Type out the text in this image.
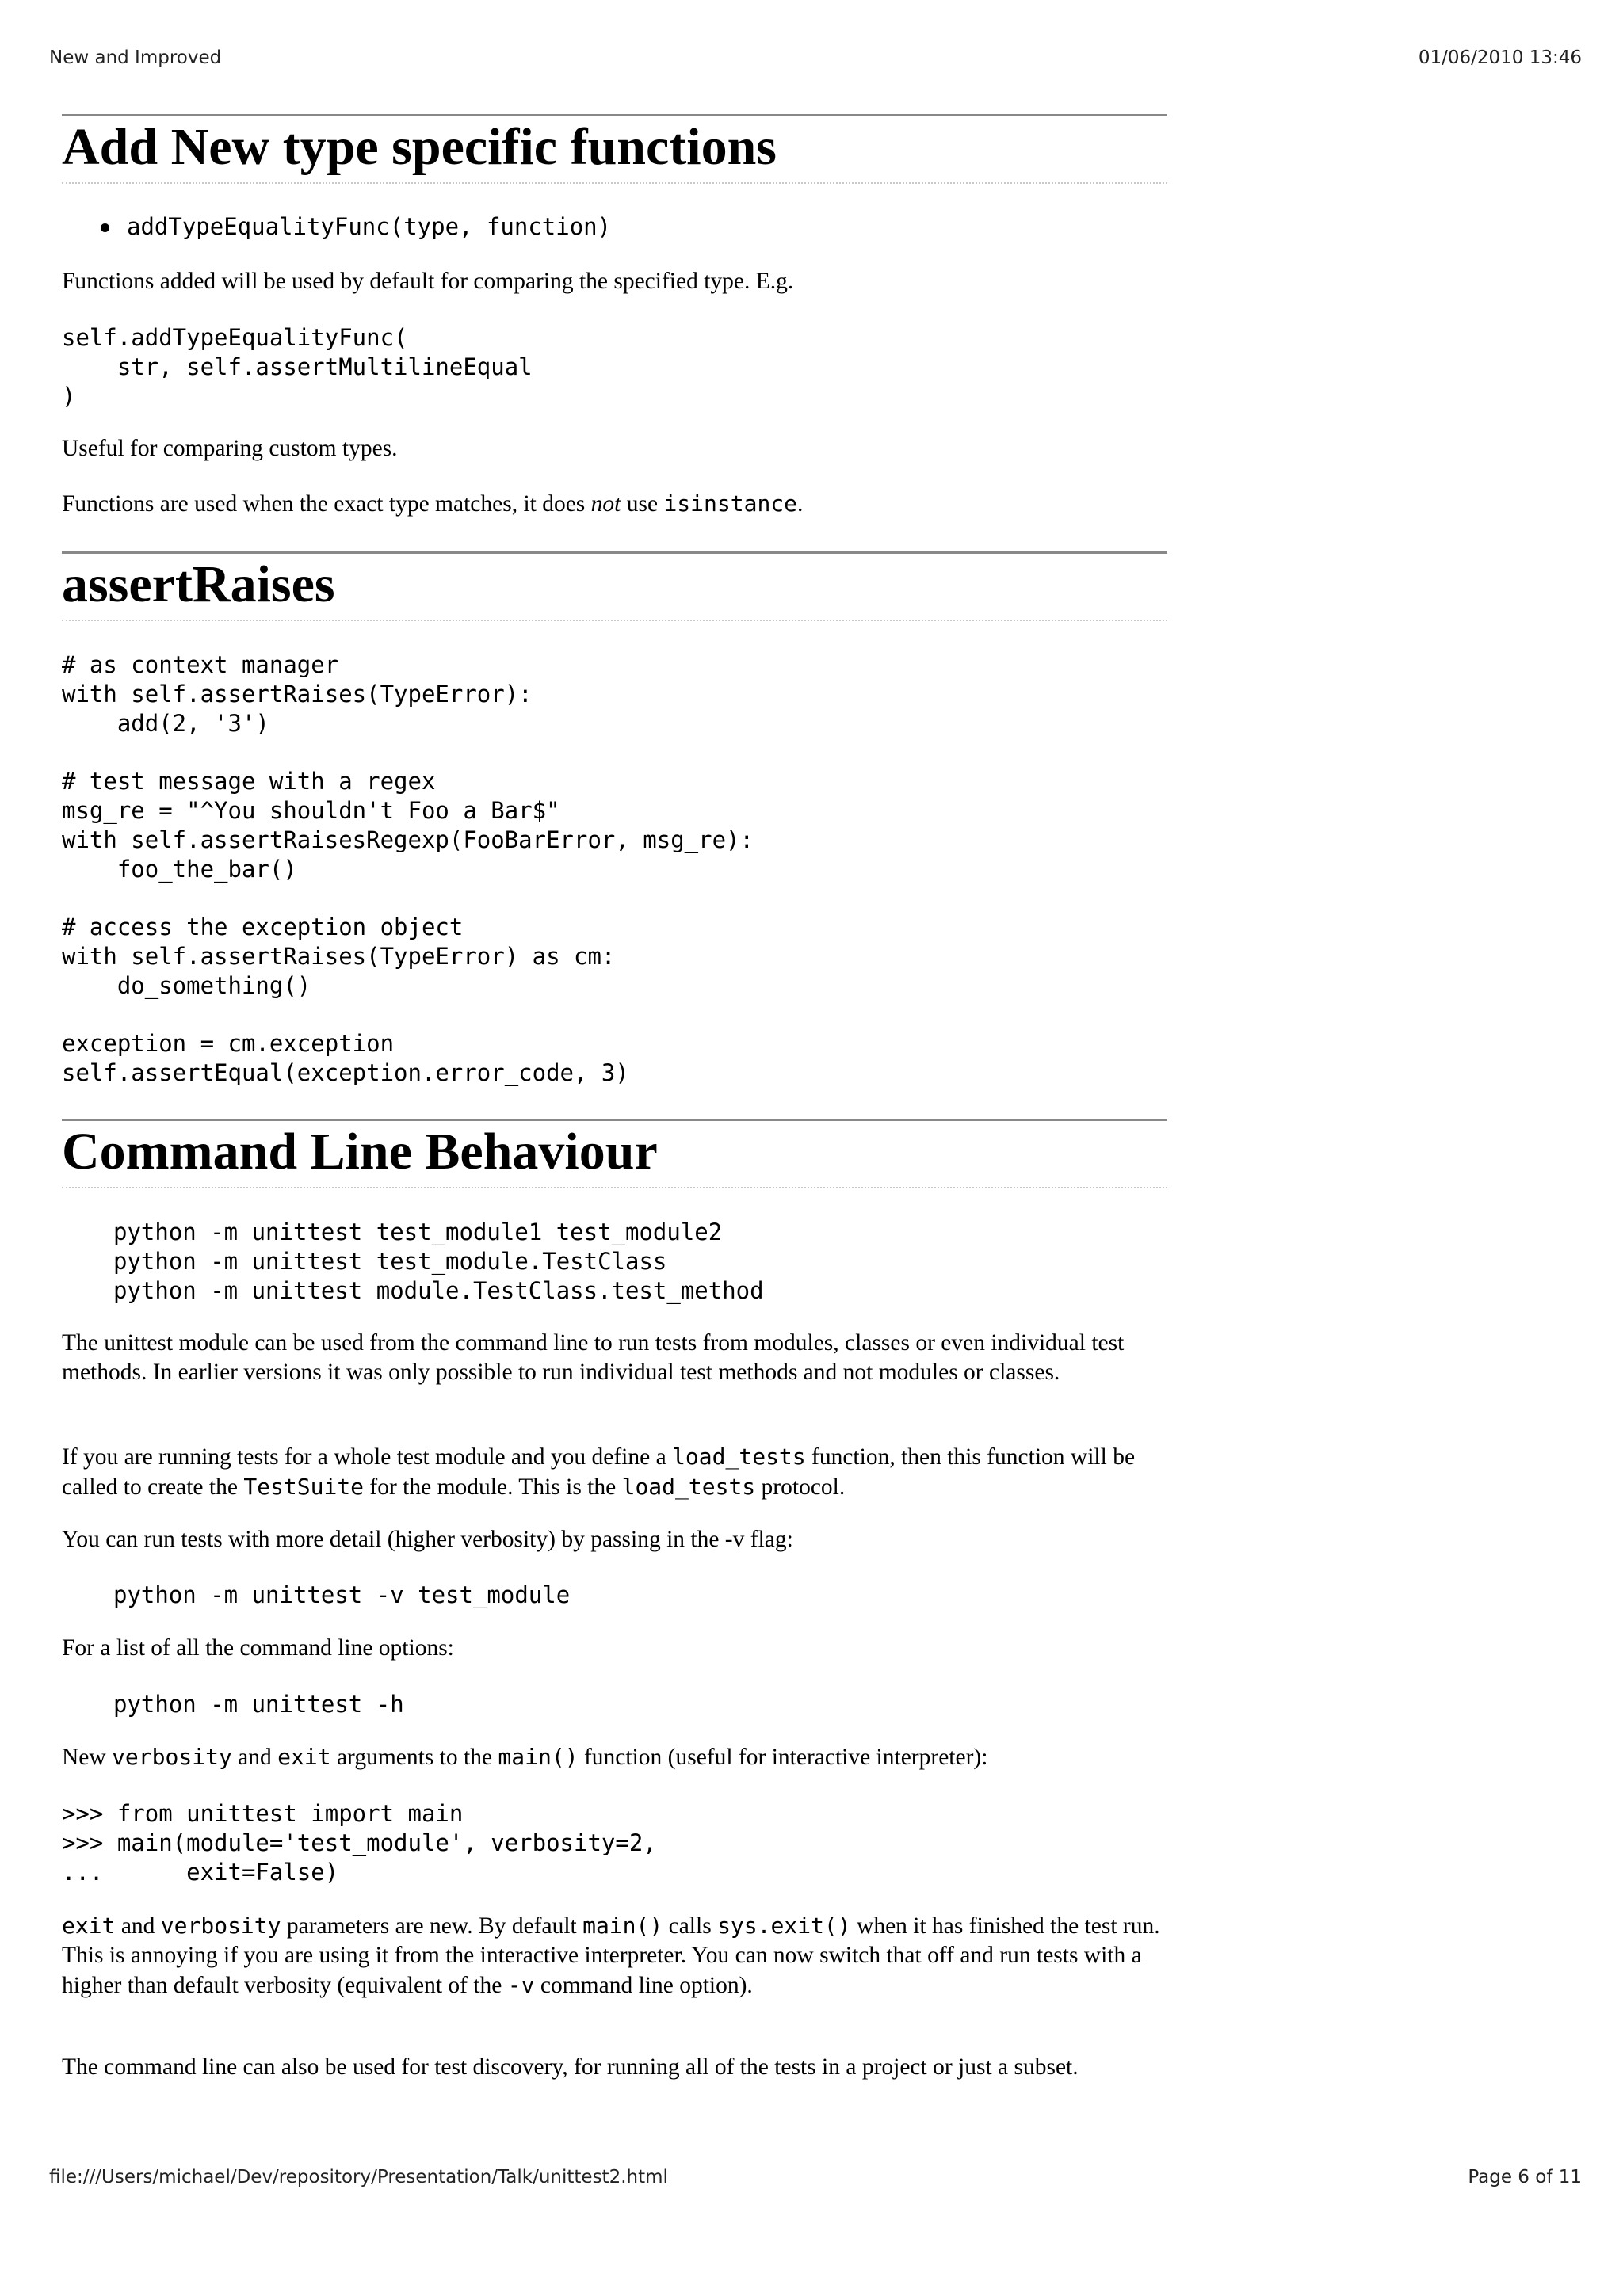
New and Improved	01/06/2010 13:46
Add New type specific functions
addTypeEqualityFunc(type, function)

Functions added will be used by default for comparing the specified type. E.g.

self.addTypeEqualityFunc(
str, self.assertMultilineEqual
)

Useful for comparing custom types.

Functions are used when the exact type matches, it does not use isinstance.

assertRaises
# as context manager
with self.assertRaises(TypeError):
add(2, '3')

# test message with a regex
msg_re = "^You shouldn't Foo a Bar$"
with self.assertRaisesRegexp(FooBarError, msg_re):
foo_the_bar()

# access the exception object
with self.assertRaises(TypeError) as cm:
do_something()

exception = cm.exception
self.assertEqual(exception.error_code, 3)
Command Line Behaviour
python -m unittest test_module1 test_module2
python -m unittest test_module.TestClass
python -m unittest module.TestClass.test_method

The unittest module can be used from the command line to run tests from modules, classes or even individual test methods. In earlier versions it was only possible to run individual test methods and not modules or classes.

If you are running tests for a whole test module and you define a load_tests function, then this function will be called to create the TestSuite for the module. This is the load_tests protocol.

You can run tests with more detail (higher verbosity) by passing in the -v flag:

python -m unittest -v test_module

For a list of all the command line options:

python -m unittest -h

New verbosity and exit arguments to the main() function (useful for interactive interpreter):

>>> from unittest import main
>>> main(module='test_module', verbosity=2,
...      exit=False)

exit and verbosity parameters are new. By default main() calls sys.exit() when it has finished the test run. This is annoying if you are using it from the interactive interpreter. You can now switch that off and run tests with a higher than default verbosity (equivalent of the -v command line option).

The command line can also be used for test discovery, for running all of the tests in a project or just a subset.

file:///Users/michael/Dev/repository/Presentation/Talk/unittest2.html	Page 6 of 11
